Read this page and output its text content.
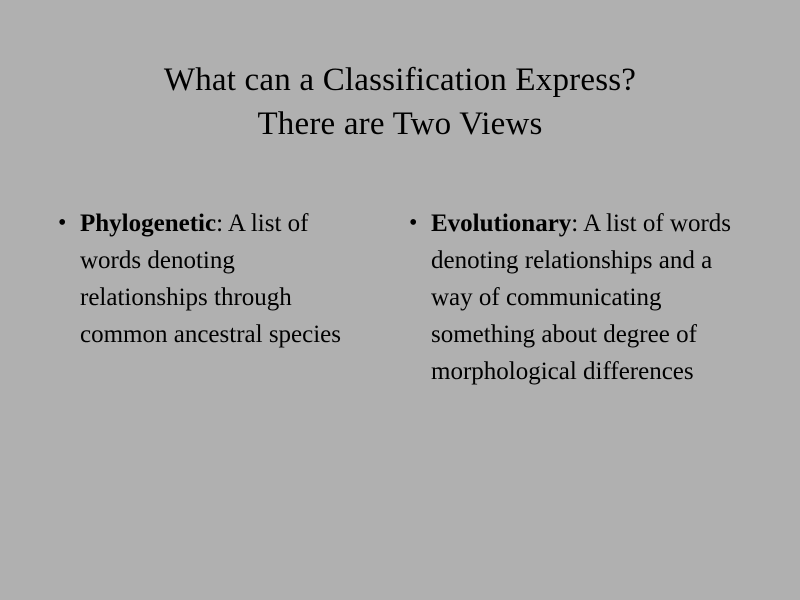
What can a Classification Express?
There are Two Views
• Phylogenetic: A list of words denoting relationships through common ancestral species
• Evolutionary: A list of words denoting relationships and a way of communicating something about degree of morphological differences
